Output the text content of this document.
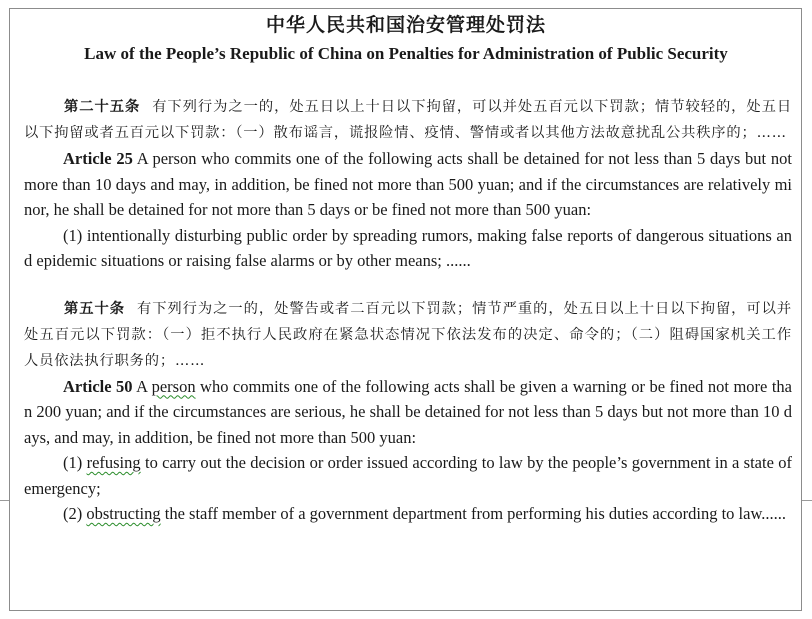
中华人民共和国治安管理处罚法
Law of the People’s Republic of China on Penalties for Administration of Public Security

第二十五条 有下列行为之一的，处五日以上十日以下拘留，可以并处五百元以下罚款；情节较轻的，处五日以下拘留或者五百元以下罚款：（一）散布谣言，谎报险情、疫情、警情或者以其他方法故意扰乱公共秩序的；……

Article 25 A person who commits one of the following acts shall be detained for not less than 5 days but not more than 10 days and may, in addition, be fined not more than 500 yuan; and if the circumstances are relatively minor, he shall be detained for not more than 5 days or be fined not more than 500 yuan:

(1) intentionally disturbing public order by spreading rumors, making false reports of dangerous situations and epidemic situations or raising false alarms or by other means; ......

第五十条 有下列行为之一的，处警告或者二百元以下罚款；情节严重的，处五日以上十日以下拘留，可以并处五百元以下罚款：（一）拒不执行人民政府在紧急状态情况下依法发布的决定、命令的；（二）阻碍国家机关工作人员依法执行职务的；……

Article 50 A person who commits one of the following acts shall be given a warning or be fined not more than 200 yuan; and if the circumstances are serious, he shall be detained for not less than 5 days but not more than 10 days, and may, in addition, be fined not more than 500 yuan:

(1) refusing to carry out the decision or order issued according to law by the people’s government in a state of emergency;

(2) obstructing the staff member of a government department from performing his duties according to law......
